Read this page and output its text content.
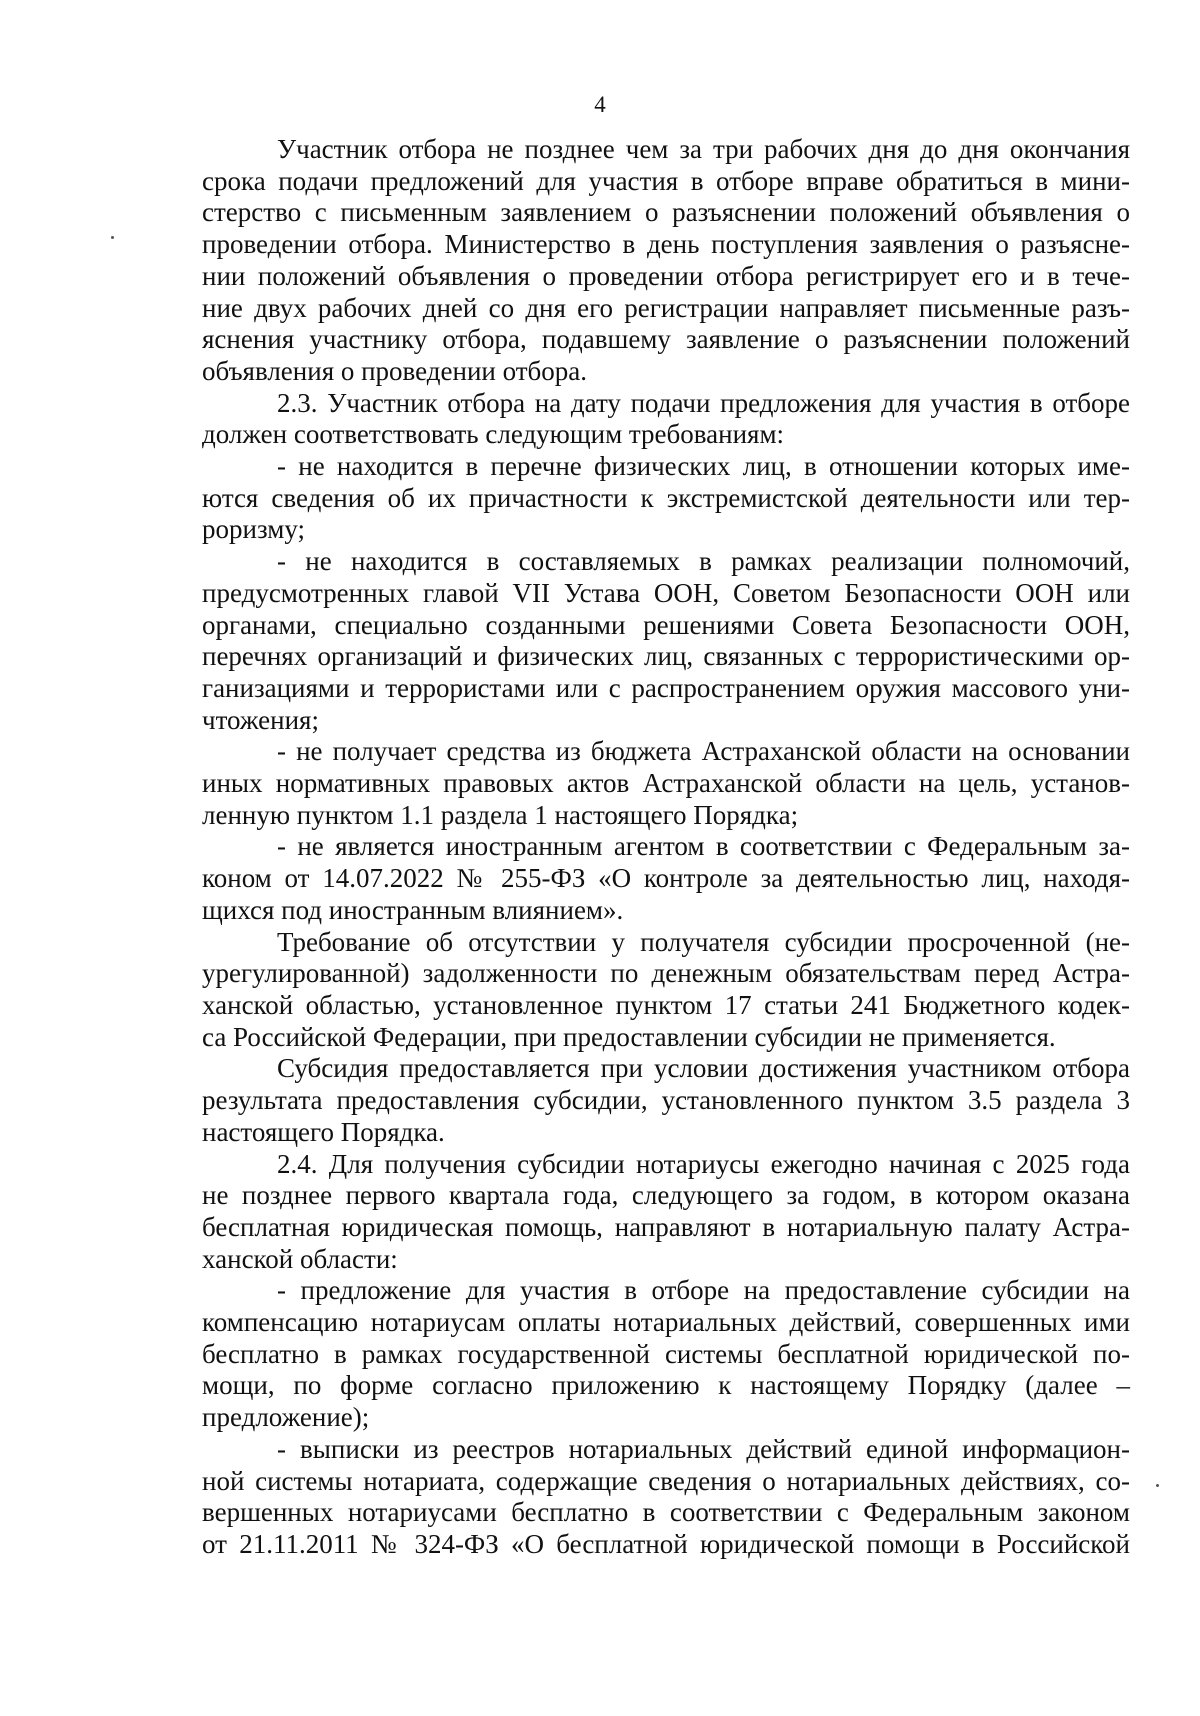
4
Участник отбора не позднее чем за три рабочих дня до дня окончания
срока подачи предложений для участия в отборе вправе обратиться в мини-
стерство с письменным заявлением о разъяснении положений объявления о
проведении отбора. Министерство в день поступления заявления о разъясне-
нии положений объявления о проведении отбора регистрирует его и в тече-
ние двух рабочих дней со дня его регистрации направляет письменные разъ-
яснения участнику отбора, подавшему заявление о разъяснении положений
объявления о проведении отбора.
2.3. Участник отбора на дату подачи предложения для участия в отборе
должен соответствовать следующим требованиям:
- не находится в перечне физических лиц, в отношении которых име-
ются сведения об их причастности к экстремистской деятельности или тер-
роризму;
- не находится в составляемых в рамках реализации полномочий,
предусмотренных главой VII Устава ООН, Советом Безопасности ООН или
органами, специально созданными решениями Совета Безопасности ООН,
перечнях организаций и физических лиц, связанных с террористическими ор-
ганизациями и террористами или с распространением оружия массового уни-
чтожения;
- не получает средства из бюджета Астраханской области на основании
иных нормативных правовых актов Астраханской области на цель, установ-
ленную пунктом 1.1 раздела 1 настоящего Порядка;
- не является иностранным агентом в соответствии с Федеральным за-
коном от 14.07.2022 № 255-ФЗ «О контроле за деятельностью лиц, находя-
щихся под иностранным влиянием».
Требование об отсутствии у получателя субсидии просроченной (не-
урегулированной) задолженности по денежным обязательствам перед Астра-
ханской областью, установленное пунктом 17 статьи 241 Бюджетного кодек-
са Российской Федерации, при предоставлении субсидии не применяется.
Субсидия предоставляется при условии достижения участником отбора
результата предоставления субсидии, установленного пунктом 3.5 раздела 3
настоящего Порядка.
2.4. Для получения субсидии нотариусы ежегодно начиная с 2025 года
не позднее первого квартала года, следующего за годом, в котором оказана
бесплатная юридическая помощь, направляют в нотариальную палату Астра-
ханской области:
- предложение для участия в отборе на предоставление субсидии на
компенсацию нотариусам оплаты нотариальных действий, совершенных ими
бесплатно в рамках государственной системы бесплатной юридической по-
мощи, по форме согласно приложению к настоящему Порядку (далее –
предложение);
- выписки из реестров нотариальных действий единой информацион-
ной системы нотариата, содержащие сведения о нотариальных действиях, со-
вершенных нотариусами бесплатно в соответствии с Федеральным законом
от 21.11.2011 № 324-ФЗ «О бесплатной юридической помощи в Российской
